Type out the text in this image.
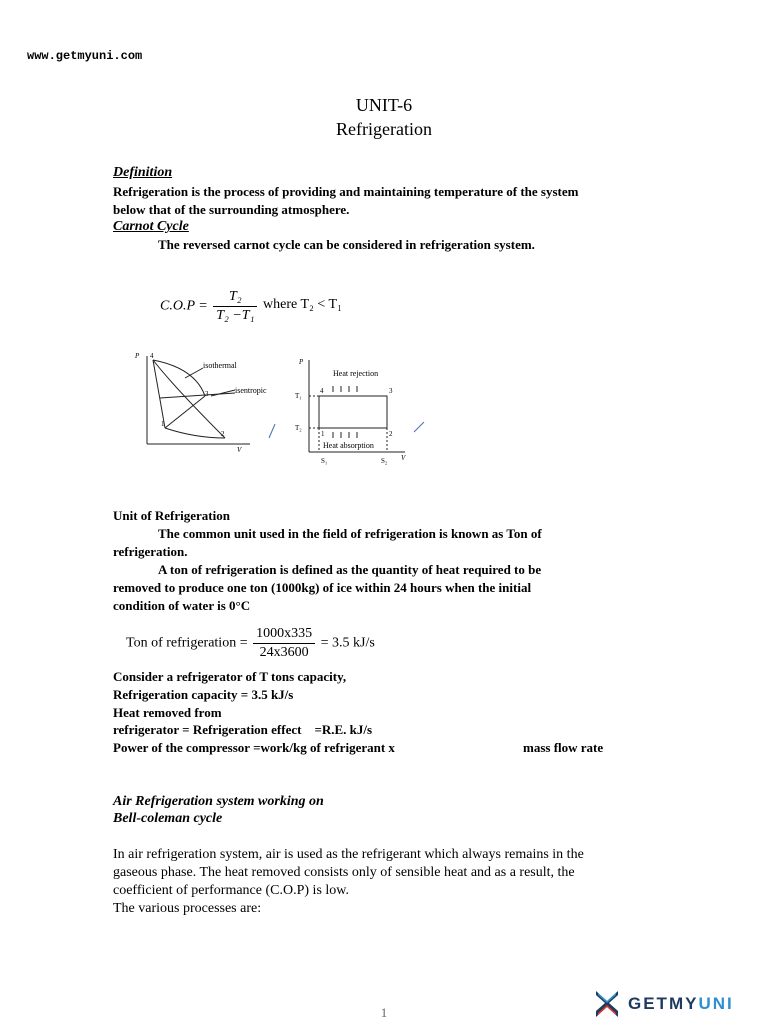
www.getmyuni.com
UNIT-6
Refrigeration
Definition
Refrigeration is the process of providing and maintaining temperature of the system
below that of the surrounding atmosphere.
Carnot Cycle
The reversed carnot cycle can be considered in refrigeration system.
$C.O.P = \frac{\text{T₂}}{\text{T₂ −T₁}}$ where T₂ < T₁
P 4
V
isothermal
isentropic
3
1
2
P
V
Heat rejection
Heat absorption
T₁
T₂
S₁	S₂
4	3
1	2
Unit of Refrigeration
The common unit used in the field of refrigeration is known as Ton of
refrigeration.
A ton of refrigeration is defined as the quantity of heat required to be
removed to produce one ton (1000kg) of ice within 24 hours when the initial
condition of water is 0°C
Ton of refrigeration = $\frac{1000x335}{24x3600} = 3.5$ kJ/s
Consider a refrigerator of T tons capacity,
Refrigeration capacity = 3.5 kJ/s
Heat removed from
refrigerator = Refrigeration effect    =R.E. kJ/s
Power of the compressor =work/kg of refrigerant x	mass flow rate
Air Refrigeration system working on
Bell-coleman cycle
In air refrigeration system, air is used as the refrigerant which always remains in the
gaseous phase. The heat removed consists only of sensible heat and as a result, the
coefficient of performance (C.O.P) is low.
The various processes are:
1	GETMYUNI
